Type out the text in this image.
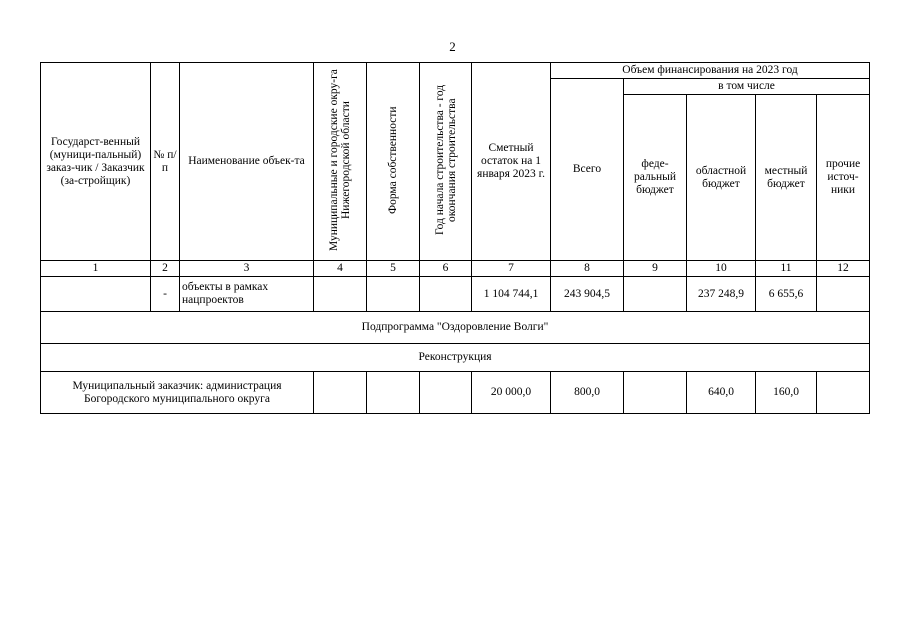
2
Государст-венный (муници-пальный) заказ-чик / Заказчик (за-стройщик)	№ п/п	Наименование объек-та	Муниципальные и городские окру-га Нижегородской области	Форма собственности	Год начала строительства - год окончания строительства	Сметный остаток на 1 января 2023 г.	Объем финансирования на 2023 год				
							Всего	в том числе			
								феде-ральный бюджет	областной бюджет	местный бюджет	прочие источ-ники
1	2	3	4	5	6	7	8	9	10	11	12
	-	объекты в рамках нацпроектов				1 104 744,1	243 904,5		237 248,9	6 655,6	
Подпрограмма "Оздоровление Волги"											
Реконструкция											
Муниципальный заказчик: администрация Богородского муниципального округа						20 000,0	800,0		640,0	160,0	
